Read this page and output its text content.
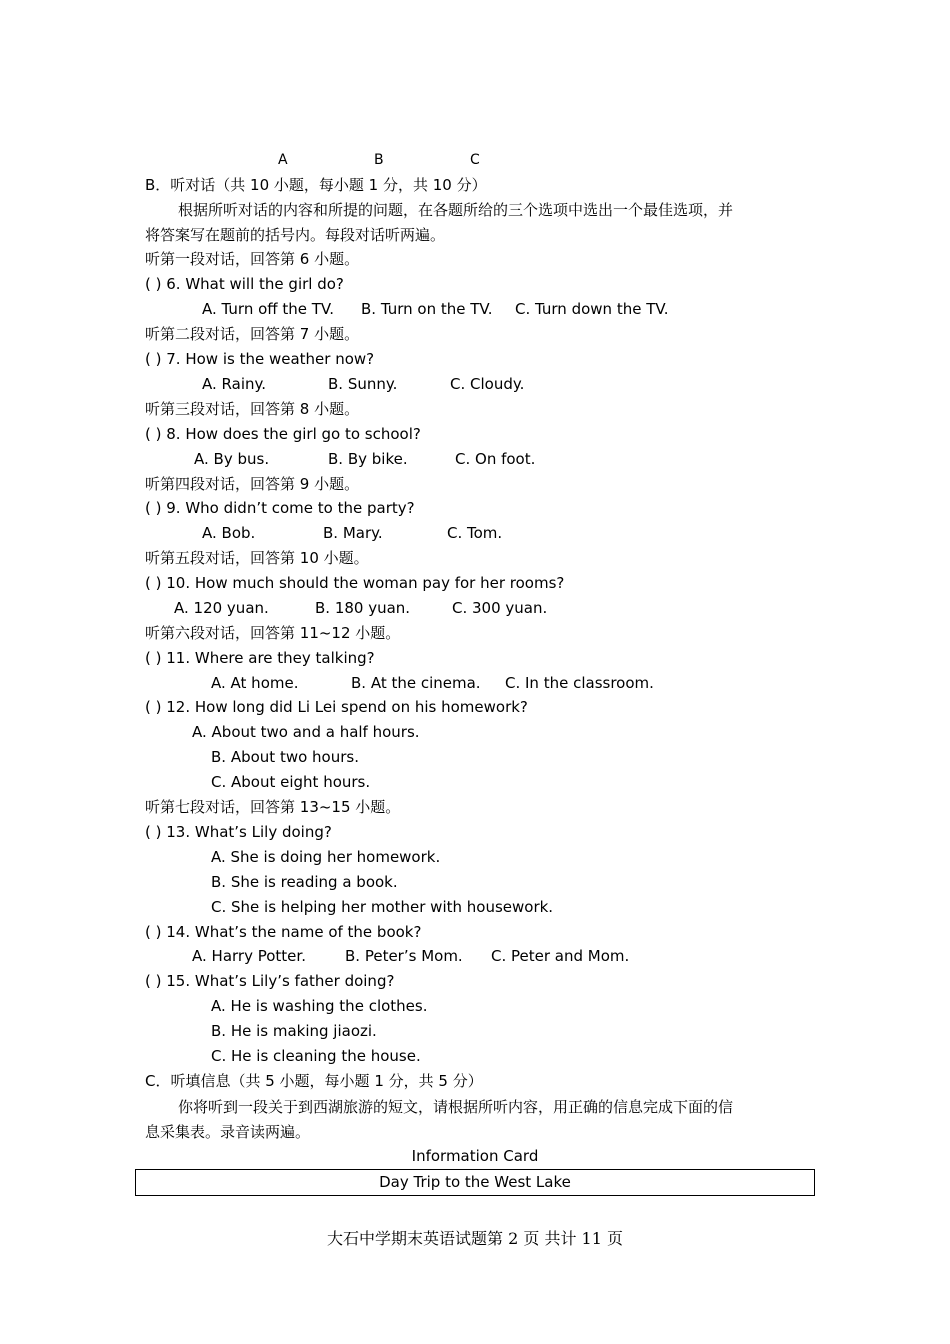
A	B	C
B．听对话（共 10 小题，每小题 1 分，共 10 分）
根据所听对话的内容和所提的问题，在各题所给的三个选项中选出一个最佳选项，并
将答案写在题前的括号内。每段对话听两遍。
听第一段对话，回答第 6 小题。
( ) 6. What will the girl do?
A. Turn off the TV. B. Turn on the TV. C. Turn down the TV.
听第二段对话，回答第 7 小题。
( ) 7. How is the weather now?
A. Rainy.	B. Sunny.	C. Cloudy.
听第三段对话，回答第 8 小题。
( ) 8. How does the girl go to school?
A. By bus.	B. By bike.	C. On foot.
听第四段对话，回答第 9 小题。
( ) 9. Who didn’t come to the party?
A. Bob.	B. Mary.	C. Tom.
听第五段对话，回答第 10 小题。
( ) 10. How much should the woman pay for her rooms?
A. 120 yuan.	B. 180 yuan.	C. 300 yuan.
听第六段对话，回答第 11~12 小题。
( ) 11. Where are they talking?
A. At home.	B. At the cinema. C. In the classroom.
( ) 12. How long did Li Lei spend on his homework?
A. About two and a half hours.
B. About two hours.
C. About eight hours.
听第七段对话，回答第 13~15 小题。
( ) 13. What’s Lily doing?
A. She is doing her homework.
B. She is reading a book.
C. She is helping her mother with housework.
( ) 14. What’s the name of the book?
A. Harry Potter.	B. Peter’s Mom. C. Peter and Mom.
( ) 15. What’s Lily’s father doing?
A. He is washing the clothes.
B. He is making jiaozi.
C. He is cleaning the house.
C．听填信息（共 5 小题，每小题 1 分，共 5 分）
你将听到一段关于到西湖旅游的短文，请根据所听内容，用正确的信息完成下面的信
息采集表。录音读两遍。
Information Card
Day Trip to the West Lake
大石中学期末英语试题第 2 页 共计 11 页
